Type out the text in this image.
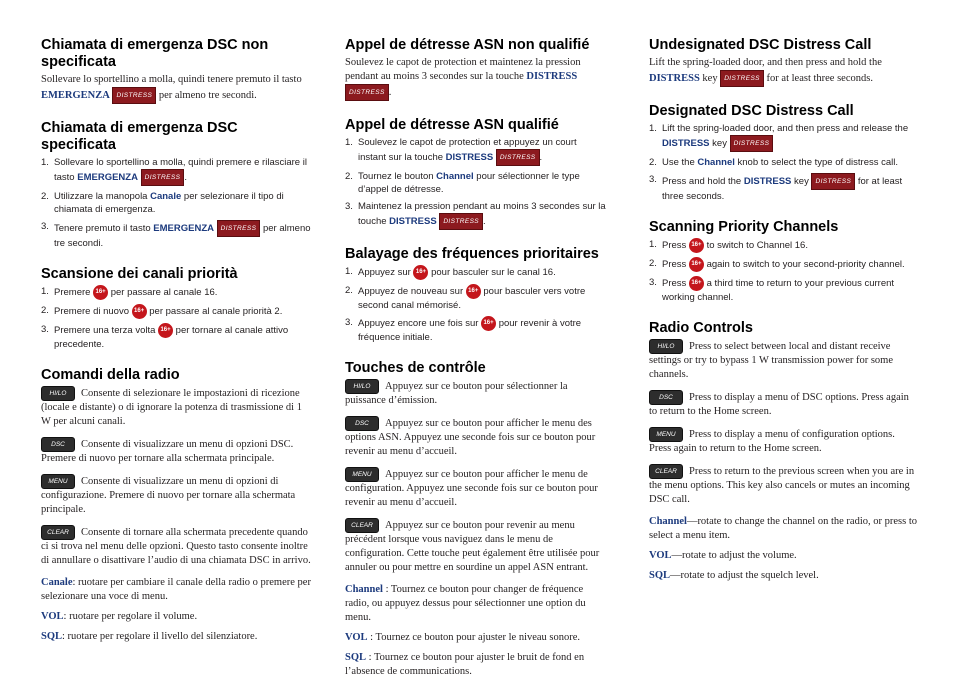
Chiamata di emergenza DSC non specificata

Sollevare lo sportellino a molla, quindi tenere premuto il tasto EMERGENZA DISTRESS per almeno tre secondi.

Chiamata di emergenza DSC specificata
1. Sollevare lo sportellino a molla, quindi premere e rilasciare il tasto EMERGENZA DISTRESS .
2. Utilizzare la manopola Canale per selezionare il tipo di chiamata di emergenza.
3. Tenere premuto il tasto EMERGENZA DISTRESS per almeno tre secondi.
Scansione dei canali priorità
1. Premere 16+ per passare al canale 16.
2. Premere di nuovo 16+ per passare al canale priorità 2.
3. Premere una terza volta 16+ per tornare al canale attivo precedente.
Comandi della radio

HI/LO Consente di selezionare le impostazioni di ricezione (locale e distante) o di ignorare la potenza di trasmissione di 1 W per alcuni canali.

DSC Consente di visualizzare un menu di opzioni DSC. Premere di nuovo per tornare alla schermata principale.

MENU Consente di visualizzare un menu di opzioni di configurazione. Premere di nuovo per tornare alla schermata principale.

CLEAR Consente di tornare alla schermata precedente quando ci si trova nel menu delle opzioni. Questo tasto consente inoltre di annullare o disattivare l’audio di una chiamata DSC in arrivo.

Canale: ruotare per cambiare il canale della radio o premere per selezionare una voce di menu.

VOL: ruotare per regolare il volume.

SQL: ruotare per regolare il livello del silenziatore.

Appel de détresse ASN non qualifié

Soulevez le capot de protection et maintenez la pression pendant au moins 3 secondes sur la touche DISTRESS DISTRESS .

Appel de détresse ASN qualifié
1. Soulevez le capot de protection et appuyez un court instant sur la touche DISTRESS DISTRESS .
2. Tournez le bouton Channel pour sélectionner le type d’appel de détresse.
3. Maintenez la pression pendant au moins 3 secondes sur la touche DISTRESS DISTRESS .
Balayage des fréquences prioritaires
1. Appuyez sur 16+ pour basculer sur le canal 16.
2. Appuyez de nouveau sur 16+ pour basculer vers votre second canal mémorisé.
3. Appuyez encore une fois sur 16+ pour revenir à votre fréquence initiale.
Touches de contrôle

HI/LO Appuyez sur ce bouton pour sélectionner la puissance d’émission.

DSC Appuyez sur ce bouton pour afficher le menu des options ASN. Appuyez une seconde fois sur ce bouton pour revenir au menu d’accueil.

MENU Appuyez sur ce bouton pour afficher le menu de configuration. Appuyez une seconde fois sur ce bouton pour revenir au menu d’accueil.

CLEAR Appuyez sur ce bouton pour revenir au menu précédent lorsque vous naviguez dans le menu de configuration. Cette touche peut également être utilisée pour annuler ou pour mettre en sourdine un appel ASN entrant.

Channel : Tournez ce bouton pour changer de fréquence radio, ou appuyez dessus pour sélectionner une option du menu.

VOL : Tournez ce bouton pour ajuster le niveau sonore.

SQL : Tournez ce bouton pour ajuster le bruit de fond en l’absence de communications.

Undesignated DSC Distress Call

Lift the spring-loaded door, and then press and hold the DISTRESS key DISTRESS for at least three seconds.

Designated DSC Distress Call
1. Lift the spring-loaded door, and then press and release the DISTRESS key DISTRESS
2. Use the Channel knob to select the type of distress call.
3. Press and hold the DISTRESS key DISTRESS for at least three seconds.
Scanning Priority Channels
1. Press 16+ to switch to Channel 16.
2. Press 16+ again to switch to your second-priority channel.
3. Press 16+ a third time to return to your previous current working channel.
Radio Controls

HI/LO Press to select between local and distant receive settings or try to bypass 1 W transmission power for some channels.

DSC Press to display a menu of DSC options. Press again to return to the Home screen.

MENU Press to display a menu of configuration options. Press again to return to the Home screen.

CLEAR Press to return to the previous screen when you are in the menu options. This key also cancels or mutes an incoming DSC call.

Channel—rotate to change the channel on the radio, or press to select a menu item.

VOL—rotate to adjust the volume.

SQL—rotate to adjust the squelch level.
